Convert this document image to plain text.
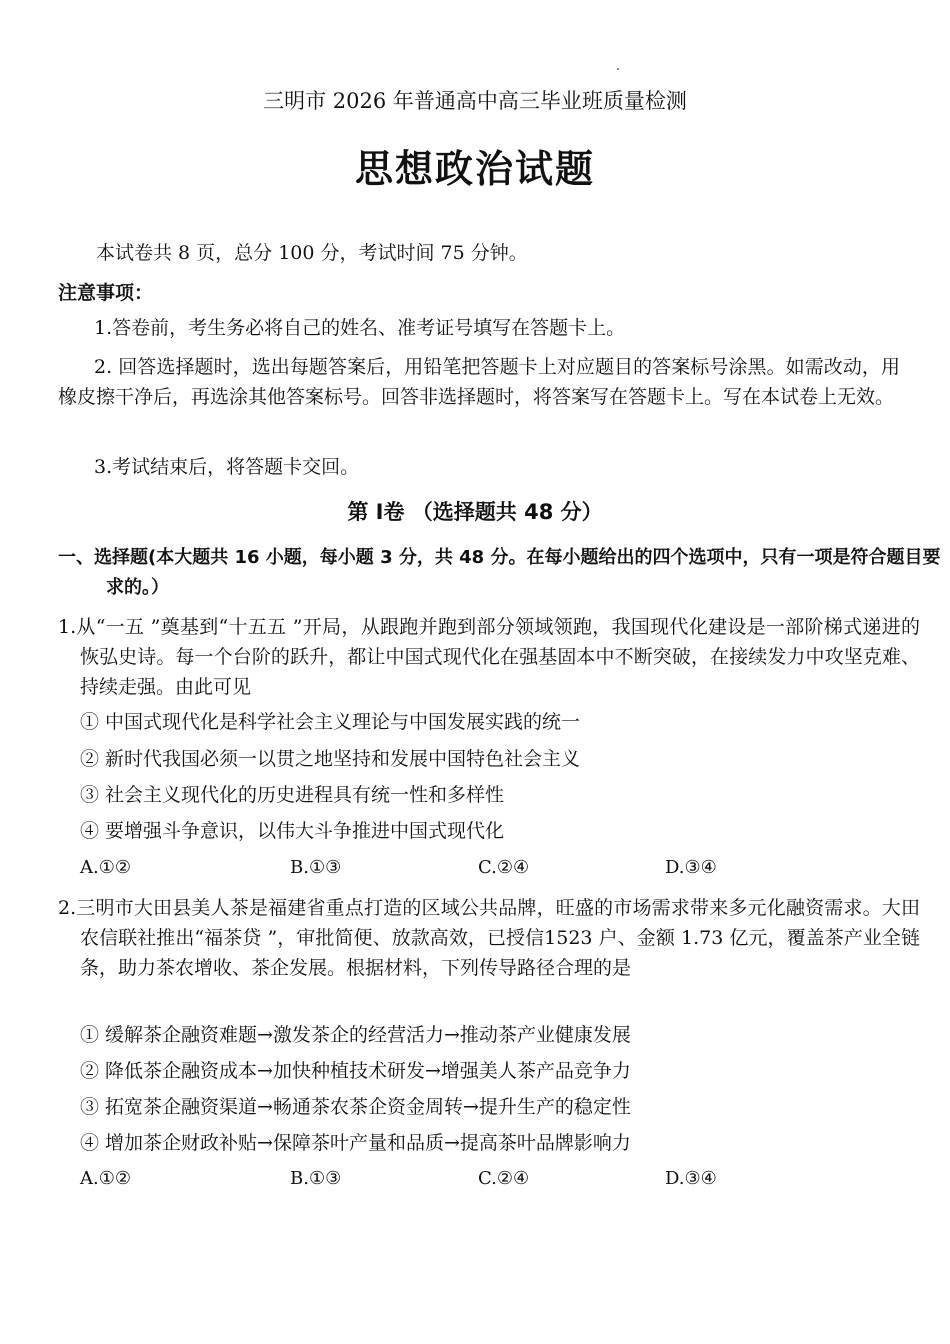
三明市 2026 年普通高中高三毕业班质量检测
思想政治试题
本试卷共 8 页，总分 100 分，考试时间 75 分钟。
注意事项：
1.答卷前，考生务必将自己的姓名、准考证号填写在答题卡上。
2. 回答选择题时，选出每题答案后，用铅笔把答题卡上对应题目的答案标号涂黑。如需改动，用橡皮擦干净后，再选涂其他答案标号。回答非选择题时，将答案写在答题卡上。写在本试卷上无效。
3.考试结束后，将答题卡交回。
第 Ⅰ卷 （选择题共 48 分）
一、选择题(本大题共 16 小题，每小题 3 分，共 48 分。在每小题给出的四个选项中，只有一项是符合题目要求的。）
1.从“一五 ”奠基到“十五五 ”开局，从跟跑并跑到部分领域领跑，我国现代化建设是一部阶梯式递进的恢弘史诗。每一个台阶的跃升，都让中国式现代化在强基固本中不断突破，在接续发力中攻坚克难、持续走强。由此可见
① 中国式现代化是科学社会主义理论与中国发展实践的统一
② 新时代我国必须一以贯之地坚持和发展中国特色社会主义
③ 社会主义现代化的历史进程具有统一性和多样性
④ 要增强斗争意识，以伟大斗争推进中国式现代化
A.①②	B.①③	C.②④	D.③④
2.三明市大田县美人茶是福建省重点打造的区域公共品牌，旺盛的市场需求带来多元化融资需求。大田农信联社推出“福茶贷 ”，审批简便、放款高效，已授信1523 户、金额 1.73 亿元，覆盖茶产业全链条，助力茶农增收、茶企发展。根据材料，下列传导路径合理的是
① 缓解茶企融资难题→激发茶企的经营活力→推动茶产业健康发展
② 降低茶企融资成本→加快种植技术研发→增强美人茶产品竞争力
③ 拓宽茶企融资渠道→畅通茶农茶企资金周转→提升生产的稳定性
④ 增加茶企财政补贴→保障茶叶产量和品质→提高茶叶品牌影响力
A.①②	B.①③	C.②④	D.③④
